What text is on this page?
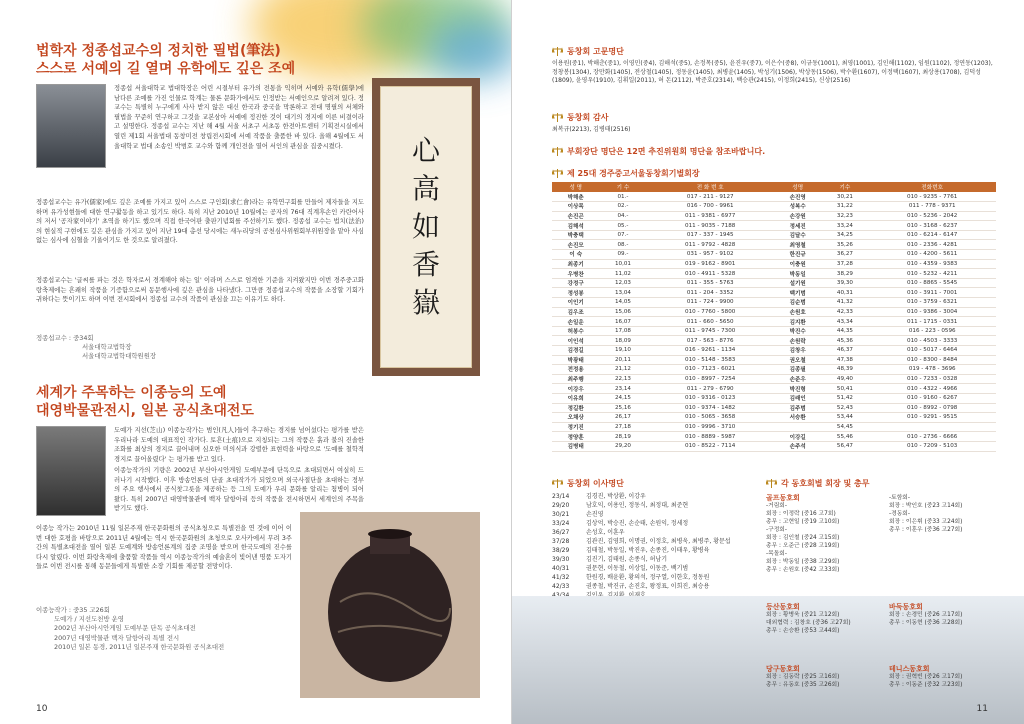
법학자 정종섭교수의 정치한 필법(筆法)
스스로 서예의 길 열며 유학에도 깊은 조예
정종섭 서울대학교 법대학장은 어린 시절부터 유가의 전통을 익히며 서예와 유학(儒學)에 남다른 조예를 가진 인물로 학계는 물론 문화가에서도 인정받는 서예인으로 알려져 있다. 정교수는 특별히 누구에게 사사 받지 않은 대신 한국과 중국을 막론하고 전대 명필의 서체와 필법을 꾸준히 연구하고 그것을 교본삼아 서예에 정진한 것이 대기의 경지에 이른 비결이라고 설명한다. 정종섭 교수는 지난 해 4월 서울 서초구 서초동 한전아트센터 기획전시실에서 열린 제1회 서울법대 동창미전 창립전시회에 서예 작품을 출품한 바 있다. 올해 4월에도 서울대학교 법대 소송인 박범호 교수와 함께 개인전을 열어 서인의 관심을 집중시켰다.
정종섭교수는 유가(儒家)에도 깊은 조예를 가지고 있어 스스로 구인회(求仁會)라는 유학연구회를 만들어 제자들을 지도하며 유가성현들에 대한 연구활동을 하고 있기도 하다. 특히 지난 2010년 10월에는 공자의 76대 직계후손인 카란어사의 저서 '공자家이야기' 초역을 하기도 했으며 직접 한국어판 출판기념회를 주선하기도 했다. 정종섭 교수는 법치(法治)의 현실적 구현에도 깊은 관심을 가지고 있어 지난 19대 총선 당시에는 새누리당의 공천심사위원회부위원장을 맡아 사심 없는 심사에 심혈을 기울이기도 한 것으로 알려졌다.
정종섭교수는 '글씨를 파는 것은 학자로서 경계해야 하는 일' 이라며 스스로 엄격한 기준을 지켜왔지만 이번 경주중고화랑축제에는 흔쾌히 작품을 기증함으로써 동문행사에 깊은 관심을 나타냈다. 그만큼 정종섭교수의 작품을 소장할 기회가 귀하다는 뜻이기도 하며 이번 전시회에서 정종섭 교수의 작품이 관심을 끄는 이유기도 하다.
정종섭교수 : 중34회
서울대학교법학장
서울대학교법학대학원원장
心
高
如
香
嶽
세계가 주목하는 이종능의 도예
대영박물관전시, 일본 공식초대전도
도예가 지선(芝山) 이종능작가는 범인(凡人)들이 추구하는 경지를 넘어섰다는 평가를 받은 우리나라 도예의 대표적인 작가다. 토흔(土痕)으로 지칭되는 그의 작품은 흙과 불의 진솔한 조화를 최상의 경지로 끌어내며 심오한 미의식과 강렬한 표현력을 바탕으로 '도예를 철학적 경지로 끌어올렸다' 는 평가를 받고 있다.
이종능작가의 기량은 2002년 부산아시안게임 도예부문에 단독으로 초대되면서 여실히 드러나기 시작했다. 이후 방송언론의 단골 초대작가가 되었으며 외국사절단을 초대하는 정부의 주요 행사에서 공식찻그릇을 제공하는 등 그의 도예가 우리 문화를 알리는 첨병이 되어 왔다. 특히 2007년 대영박물관에 백자 달항아리 등의 작품을 전시하면서 세계인의 주목을 받기도 했다.
이종능 작가는 2010년 11월 일본주재 한국문화원의 공식초청으로 특별전을 연 것에 이어 이번 대한 호평을 바탕으로 2011년 4월에는 역시 한국문화원의 초청으로 오사카에서 무려 3주간의 특별초대전을 열어 일본 도예계와 방송언론계의 집중 조명을 받으며 한국도예의 진수를 다시 알렸다. 이번 화랑축제에 출품할 작품들 역시 이종능작가의 예술혼이 빛어낸 명품 도자기들로 이번 전시를 통해 동문들에게 특별한 소장 기회를 제공할 전망이다.
이종능작가 : 중35 고26회
도예가 / 지선도천방 운영
2002년 부산아시안게임 도예부문 단독 공식초대전
2007년 대영박물관 백자 달항아리 특별 전시
2010년 일본 동경, 2011년 일본주재 한국문화원 공식초대전
10
동창회 고문명단
이용원(중1), 박해춘(중1), 이영민(중4), 김해석(중5), 손정목(중5), 윤진우(중7), 이은수(중8), 이규동(1001), 최영(1001), 김인해(1102), 임원(1102), 정연동(1203), 정창봉(1304), 장만화(1405), 전상철(1405), 정동윤(1405), 최병윤(1405), 박성기(1506), 박상동(1506), 박수환(1607), 이정택(1607), 최상용(1708), 김덕성(1809), 윤영우(1910), 김휘일(2011), 허 돈(2112), 박준호(2314), 백승관(2415), 이정희(2415), 신상(2516)
동창회 감사
최복규(2213), 김병태(2516)
부회장단 명단은 12면 추진위원회 명단을 참조바랍니다.
제 25대 경주중고서울동창회기별회장
성 명	기 수	전 화 번 호	성명	기수	전화번호
박해춘	01.-	017 - 211 - 9127	손진영	30,21	010 - 9235 - 7761
이상목	02.-	016 - 700 - 9961	성복수	31,22	011 - 778 - 9371
손진곤	04.-	011 - 9381 - 6977	손강원	32,23	010 - 5236 - 2042
김해석	05.-	011 - 9035 - 7188	정세진	33,24	010 - 3168 - 6237
박충택	07.-	017 - 337 - 1945	김달수	34,25	010 - 6214 - 6147
손진모	08.-	011 - 9792 - 4828	최영철	35,26	010 - 2336 - 4281
이 숙	09.-	031 - 957 - 9102	한진규	36,27	010 - 4200 - 5611
최종기	10,01	019 - 9162 - 8901	이충원	37,28	010 - 4359 - 9383
우병찬	11,02	010 - 4911 - 5328	박동일	38,29	010 - 5232 - 4211
강정구	12,03	011 - 355 - 5763	설기원	39,30	010 - 8865 - 5545
정성봉	13,04	011 - 204 - 3352	백기범	40,31	010 - 3911 - 7001
이인기	14,05	011 - 724 - 9900	김순범	41,32	010 - 3759 - 6321
김우조	15,06	010 - 7760 - 5800	손원호	42,33	010 - 9386 - 3004
손일운	16,07	011 - 660 - 5650	김지환	43,34	011 - 1715 - 0331
허봉수	17,08	011 - 9745 - 7300	박진수	44,35	016 - 223 - 0596
이인석	18,09	017 - 563 - 8776	손원락	45,36	010 - 4503 - 3333
김경길	19,10	016 - 9261 - 1134	김창우	46,37	010 - 5017 - 6464
박광태	20,11	010 - 5148 - 3583	권오철	47,38	010 - 8300 - 8484
전정용	21,12	010 - 7123 - 6021	김종필	48,39	019 - 478 - 3696
최주행	22,13	010 - 8997 - 7254	손준우	49,40	010 - 7233 - 0328
이강우	23,14	011 - 279 - 6790	박진형	50,41	010 - 4322 - 4966
이유희	24,15	010 - 9316 - 0123	김래인	51,42	010 - 9160 - 6267
정길환	25,16	010 - 9374 - 1482	김주범	52,43	010 - 8992 - 0798
오채상	26,17	010 - 5065 - 3658	서승환	53,44	010 - 9291 - 9515
정기진	27,18	010 - 9996 - 3710		54,45	
정양훈	28,19	010 - 8889 - 5987	이강길	55,46	010 - 2736 - 6666
김병태	29,20	010 - 8522 - 7114	손주석	56,47	010 - 7209 - 5103
동창회 이사명단
23/14	김경진, 박상환, 이강우
29/20	남호익, 이용인, 정동식, 최정대, 최준현
30/21	손진영
33/24	김상억, 박승진, 손순태, 손원익, 정세정
36/27	손성호, 이훈우
37/28	김관진, 김영희, 이명권, 이정호, 최병욱, 최병주, 황문섭
38/29	김태철, 박동일, 박진우, 손종진, 이태우, 황병육
39/30	김진기, 김태원, 손종식, 허남기
40/31	권문현, 이동철, 이상일, 이동준, 백기범
41/32	한원경, 배윤환, 황의석, 정구열, 이한호, 정동원
42/33	권종철, 박진규, 손진호, 왕정표, 이희진, 최승용
각 동호회별 회장 및 총무
골프동호회
-거림회-
회장 : 이정락 (중16 고7회)
총무 : 고현일 (중19 고10회)
-구정회-
회장 : 김인철 (중24 고15회)
총무 : 오준근 (중28 고19회)
-목돌회-
회장 : 박동일 (중38 고29회)
총무 : 손원호 (중42 고33회)
-토함회-
회장 : 박인호 (중23 고14회)
-경동회-
회장 : 이은휘 (중33 고24회)
총무 : 이훈우 (중36 고27회)
등산동호회
회장 : 황병욱 (중21 고12회)
대외협력 : 김창호 (중36 고27회)
총무 : 손승환 (중53 고44회)
바둑동호회
회장 : 손경민 (중26 고17회)
총무 : 이동현 (중36 고28회)
당구동호회
회장 : 김동락 (중25 고16회)
총무 : 유동호 (중35 고26회)
테니스동호회
회장 : 권혁빈 (중26 고17회)
총무 : 이동준 (중32 고23회)
11
